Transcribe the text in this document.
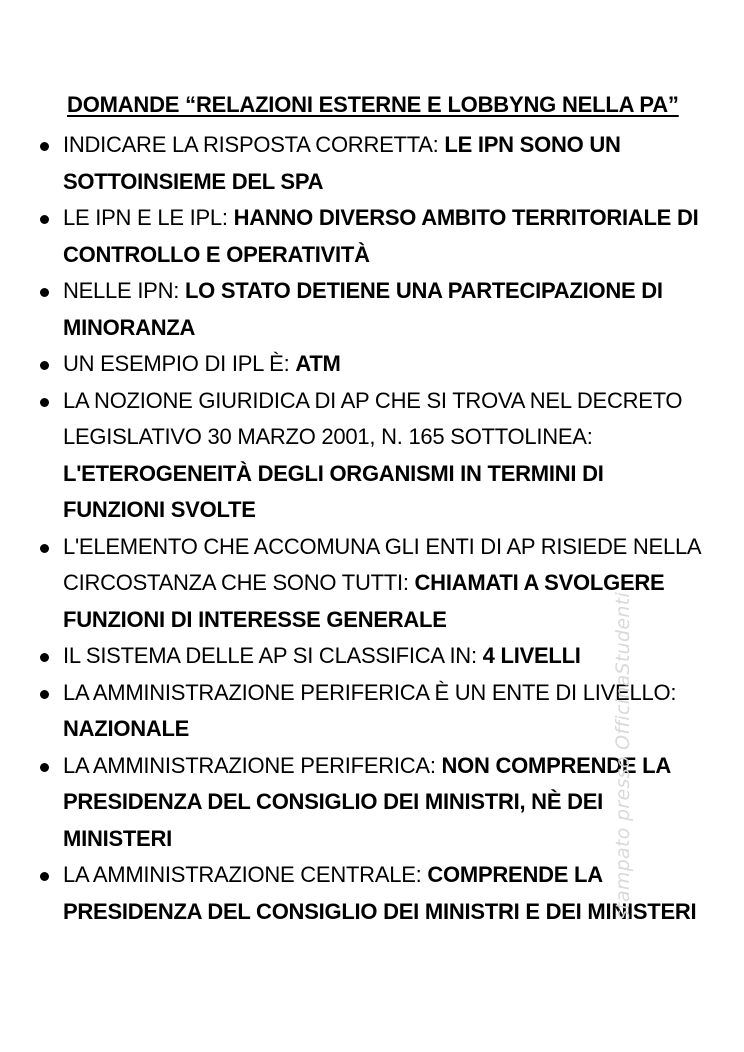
DOMANDE “RELAZIONI ESTERNE E LOBBYNG NELLA PA”
INDICARE LA RISPOSTA CORRETTA: LE IPN SONO UN SOTTOINSIEME DEL SPA
LE IPN E LE IPL: HANNO DIVERSO AMBITO TERRITORIALE DI CONTROLLO E OPERATIVITÀ
NELLE IPN: LO STATO DETIENE UNA PARTECIPAZIONE DI MINORANZA
UN ESEMPIO DI IPL È: ATM
LA NOZIONE GIURIDICA DI AP CHE SI TROVA NEL DECRETO LEGISLATIVO 30 MARZO 2001, N. 165 SOTTOLINEA: L'ETEROGENEITÀ DEGLI ORGANISMI IN TERMINI DI FUNZIONI SVOLTE
L'ELEMENTO CHE ACCOMUNA GLI ENTI DI AP RISIEDE NELLA CIRCOSTANZA CHE SONO TUTTI: CHIAMATI A SVOLGERE FUNZIONI DI INTERESSE GENERALE
IL SISTEMA DELLE AP SI CLASSIFICA IN: 4 LIVELLI
LA AMMINISTRAZIONE PERIFERICA È UN ENTE DI LIVELLO: NAZIONALE
LA AMMINISTRAZIONE PERIFERICA: NON COMPRENDE LA PRESIDENZA DEL CONSIGLIO DEI MINISTRI, NÈ DEI MINISTERI
LA AMMINISTRAZIONE CENTRALE: COMPRENDE LA PRESIDENZA DEL CONSIGLIO DEI MINISTRI E DEI MINISTERI
stampato presso OfficinaStudenti
